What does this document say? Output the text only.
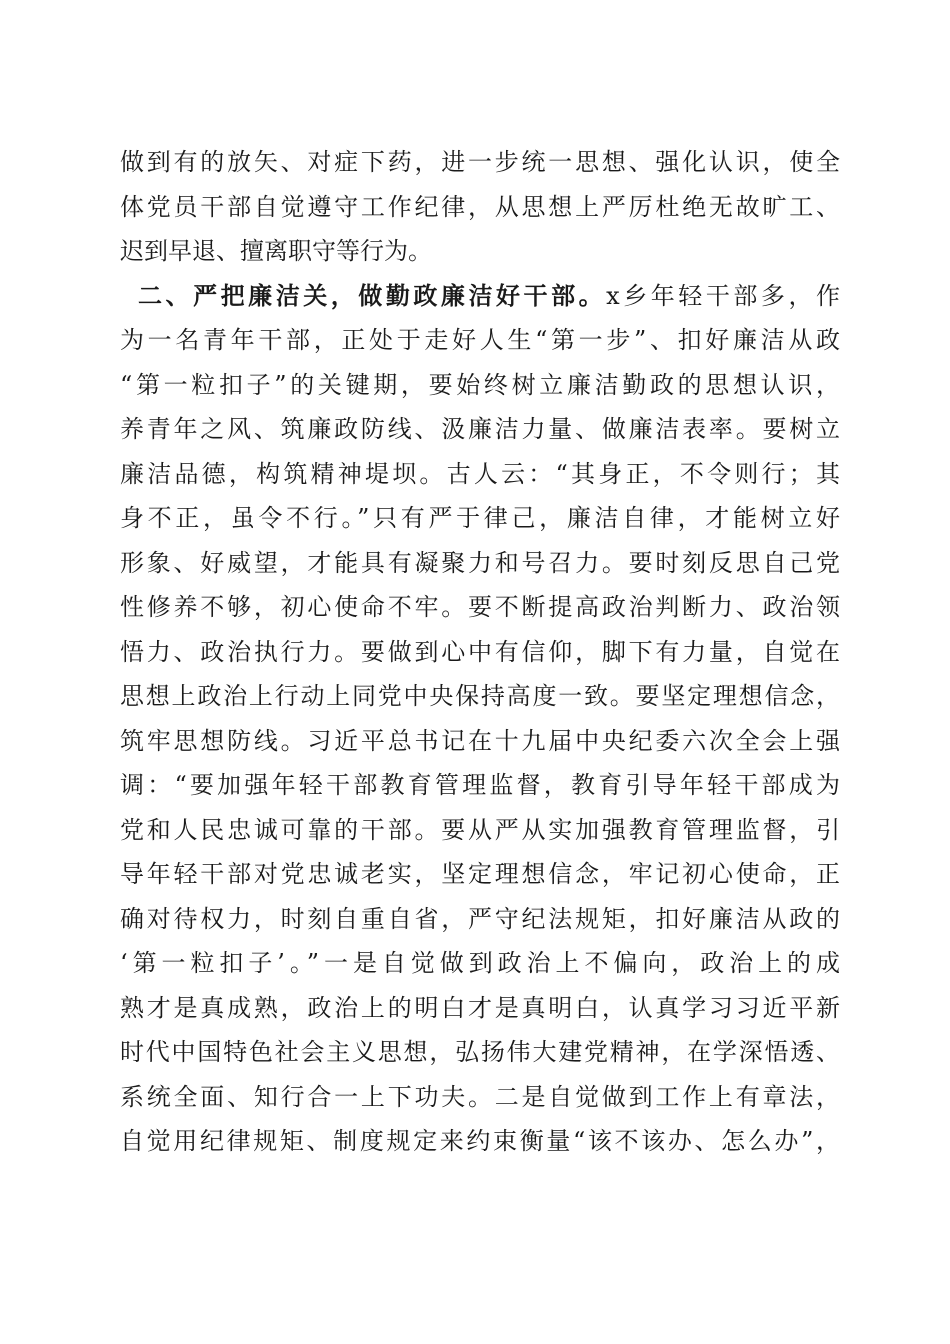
做到有的放矢、对症下药，进一步统一思想、强化认识，使全
体党员干部自觉遵守工作纪律，从思想上严厉杜绝无故旷工、
迟到早退、擅离职守等行为。
二、严把廉洁关，做勤政廉洁好干部。x乡年轻干部多，作
为一名青年干部，正处于走好人生“第一步”、扣好廉洁从政
“第一粒扣子”的关键期，要始终树立廉洁勤政的思想认识，
养青年之风、筑廉政防线、汲廉洁力量、做廉洁表率。要树立
廉洁品德，构筑精神堤坝。古人云：“其身正，不令则行；其
身不正，虽令不行。”只有严于律己，廉洁自律，才能树立好
形象、好威望，才能具有凝聚力和号召力。要时刻反思自己党
性修养不够，初心使命不牢。要不断提高政治判断力、政治领
悟力、政治执行力。要做到心中有信仰，脚下有力量，自觉在
思想上政治上行动上同党中央保持高度一致。要坚定理想信念，
筑牢思想防线。习近平总书记在十九届中央纪委六次全会上强
调：“要加强年轻干部教育管理监督，教育引导年轻干部成为
党和人民忠诚可靠的干部。要从严从实加强教育管理监督，引
导年轻干部对党忠诚老实，坚定理想信念，牢记初心使命，正
确对待权力，时刻自重自省，严守纪法规矩，扣好廉洁从政的
‘第一粒扣子’。”一是自觉做到政治上不偏向，政治上的成
熟才是真成熟，政治上的明白才是真明白，认真学习习近平新
时代中国特色社会主义思想，弘扬伟大建党精神，在学深悟透、
系统全面、知行合一上下功夫。二是自觉做到工作上有章法，
自觉用纪律规矩、制度规定来约束衡量“该不该办、怎么办”，
